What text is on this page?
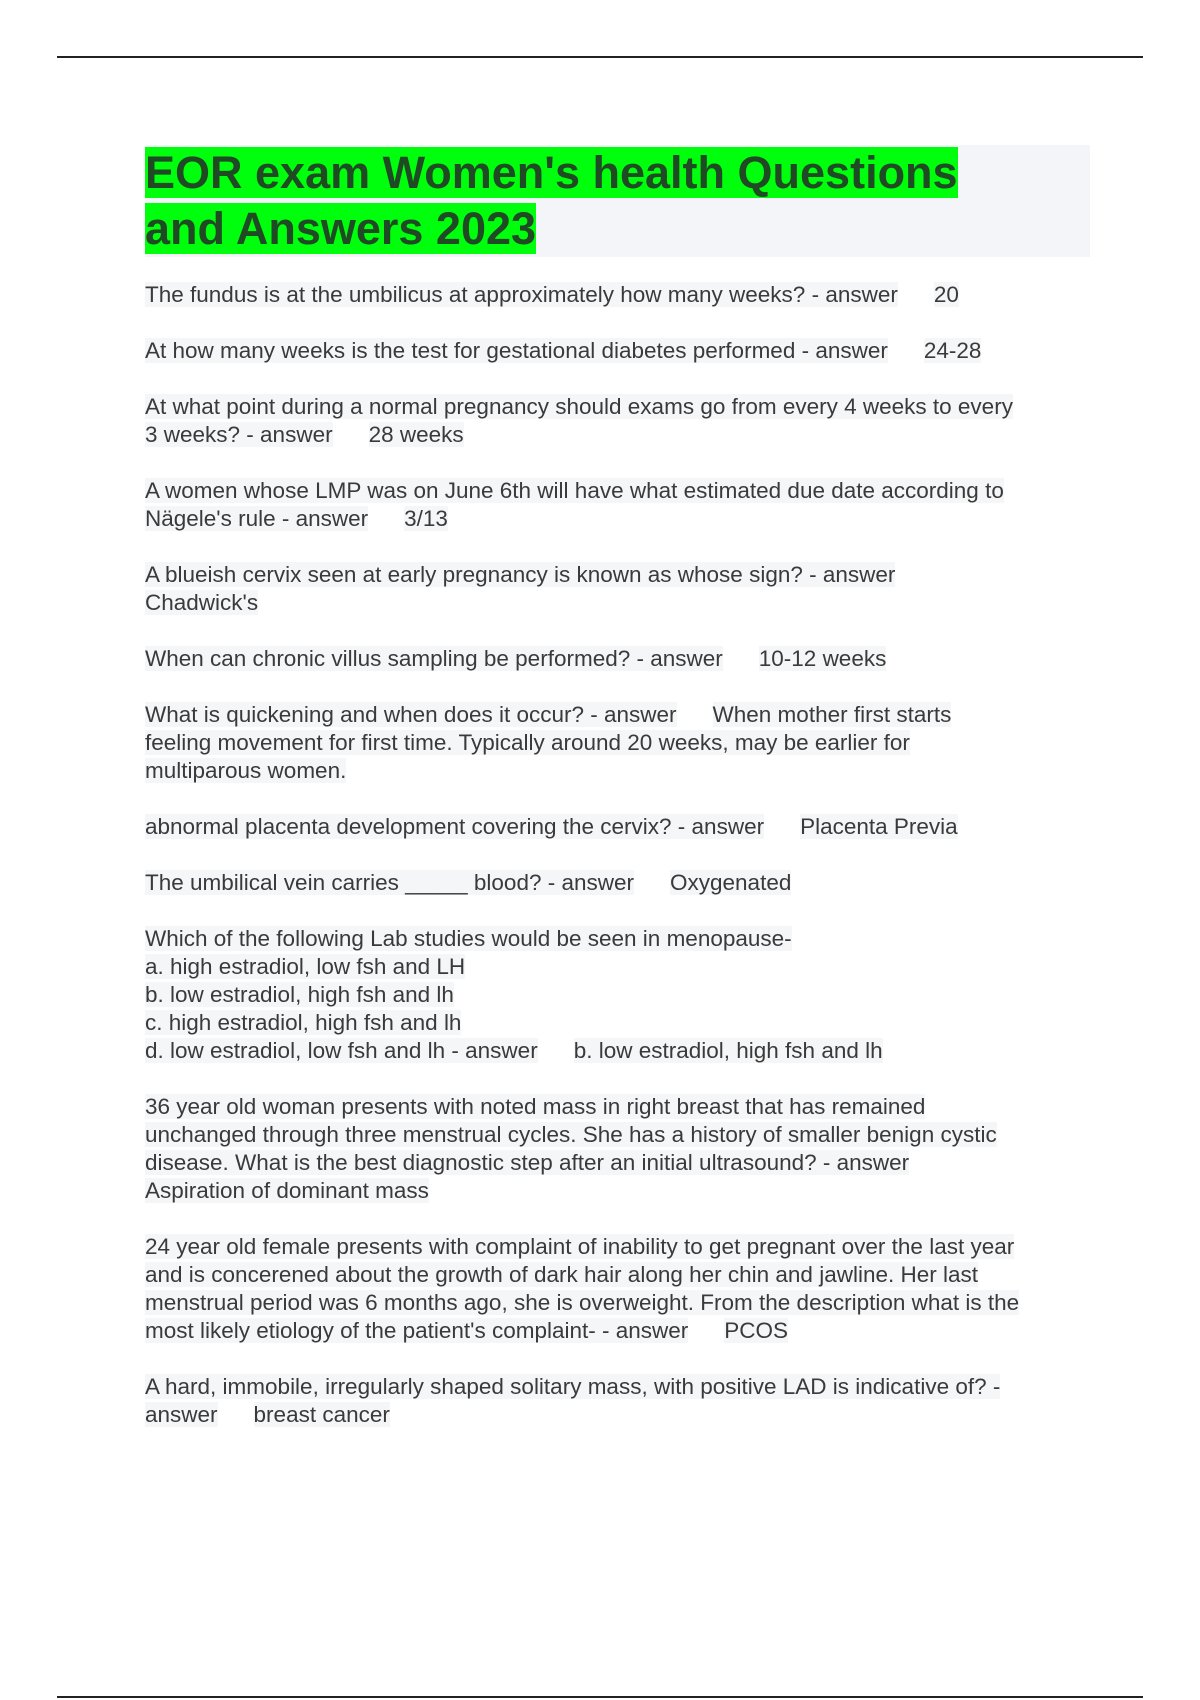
EOR exam Women's health Questions
and Answers 2023

The fundus is at the umbilicus at approximately how many weeks? - answer 20

At how many weeks is the test for gestational diabetes performed - answer 24-28

At what point during a normal pregnancy should exams go from every 4 weeks to every
3 weeks? - answer 28 weeks

A women whose LMP was on June 6th will have what estimated due date according to
Nägele's rule - answer 3/13

A blueish cervix seen at early pregnancy is known as whose sign? - answer
Chadwick's

When can chronic villus sampling be performed? - answer 10-12 weeks

What is quickening and when does it occur? - answer When mother first starts
feeling movement for first time. Typically around 20 weeks, may be earlier for
multiparous women.

abnormal placenta development covering the cervix? - answer Placenta Previa

The umbilical vein carries _____ blood? - answer Oxygenated

Which of the following Lab studies would be seen in menopause-
a. high estradiol, low fsh and LH
b. low estradiol, high fsh and lh
c. high estradiol, high fsh and lh
d. low estradiol, low fsh and lh - answer b. low estradiol, high fsh and lh

36 year old woman presents with noted mass in right breast that has remained
unchanged through three menstrual cycles. She has a history of smaller benign cystic
disease. What is the best diagnostic step after an initial ultrasound? - answer
Aspiration of dominant mass

24 year old female presents with complaint of inability to get pregnant over the last year
and is concerened about the growth of dark hair along her chin and jawline. Her last
menstrual period was 6 months ago, she is overweight. From the description what is the
most likely etiology of the patient's complaint- - answer PCOS

A hard, immobile, irregularly shaped solitary mass, with positive LAD is indicative of? -
answer breast cancer
